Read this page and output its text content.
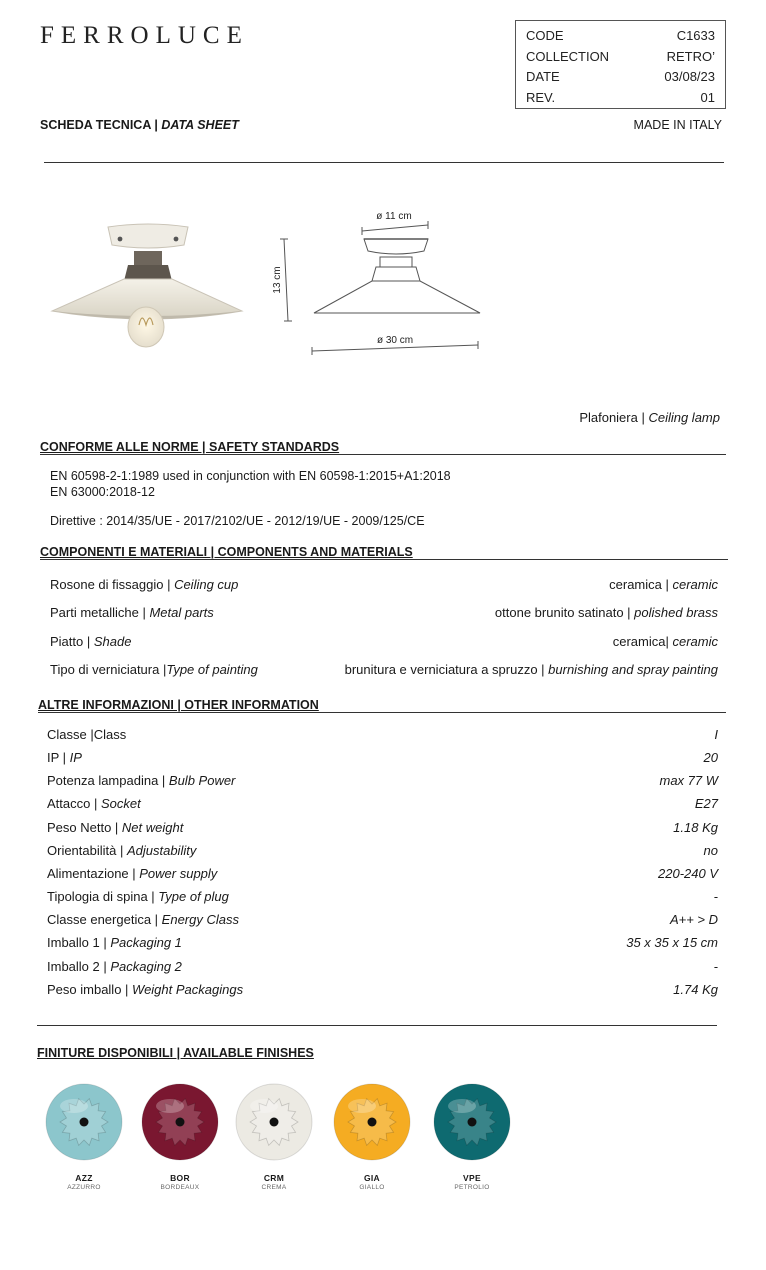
FERROLUCE	CODE	C1633
COLLECTION	RETRO’
DATE	03/08/23
REV.	01
SCHEDA TECNICA | DATA SHEET	MADE IN ITALY
ø 11 cm
13 cm
ø 30 cm
Plafoniera | Ceiling lamp
CONFORME ALLE NORME | SAFETY STANDARDS
EN 60598-2-1:1989 used in conjunction with EN 60598-1:2015+A1:2018
EN 63000:2018-12
Direttive : 2014/35/UE - 2017/2102/UE - 2012/19/UE - 2009/125/CE
COMPONENTI E MATERIALI | COMPONENTS AND MATERIALS
Rosone di fissaggio | Ceiling cup	ceramica | ceramic
Parti metalliche | Metal parts	ottone brunito satinato | polished brass
Piatto | Shade	ceramica| ceramic
Tipo di verniciatura |Type of painting	brunitura e verniciatura a spruzzo | burnishing and spray painting
ALTRE INFORMAZIONI | OTHER INFORMATION
Classe |Class	I
IP | IP	20
Potenza lampadina | Bulb Power	max 77 W
Attacco | Socket	E27
Peso Netto | Net weight	1.18 Kg
Orientabilità | Adjustability	no
Alimentazione | Power supply	220-240 V
Tipologia di spina | Type of plug	-
Classe energetica | Energy Class	A++ > D
Imballo 1 | Packaging 1	35 x 35 x 15 cm
Imballo 2 | Packaging 2	-
Peso imballo | Weight Packagings	1.74 Kg
FINITURE DISPONIBILI | AVAILABLE FINISHES
AZZ
AZZURRO
BOR
BORDEAUX
CRM
CREMA
GIA
GIALLO
VPE
PETROLIO
